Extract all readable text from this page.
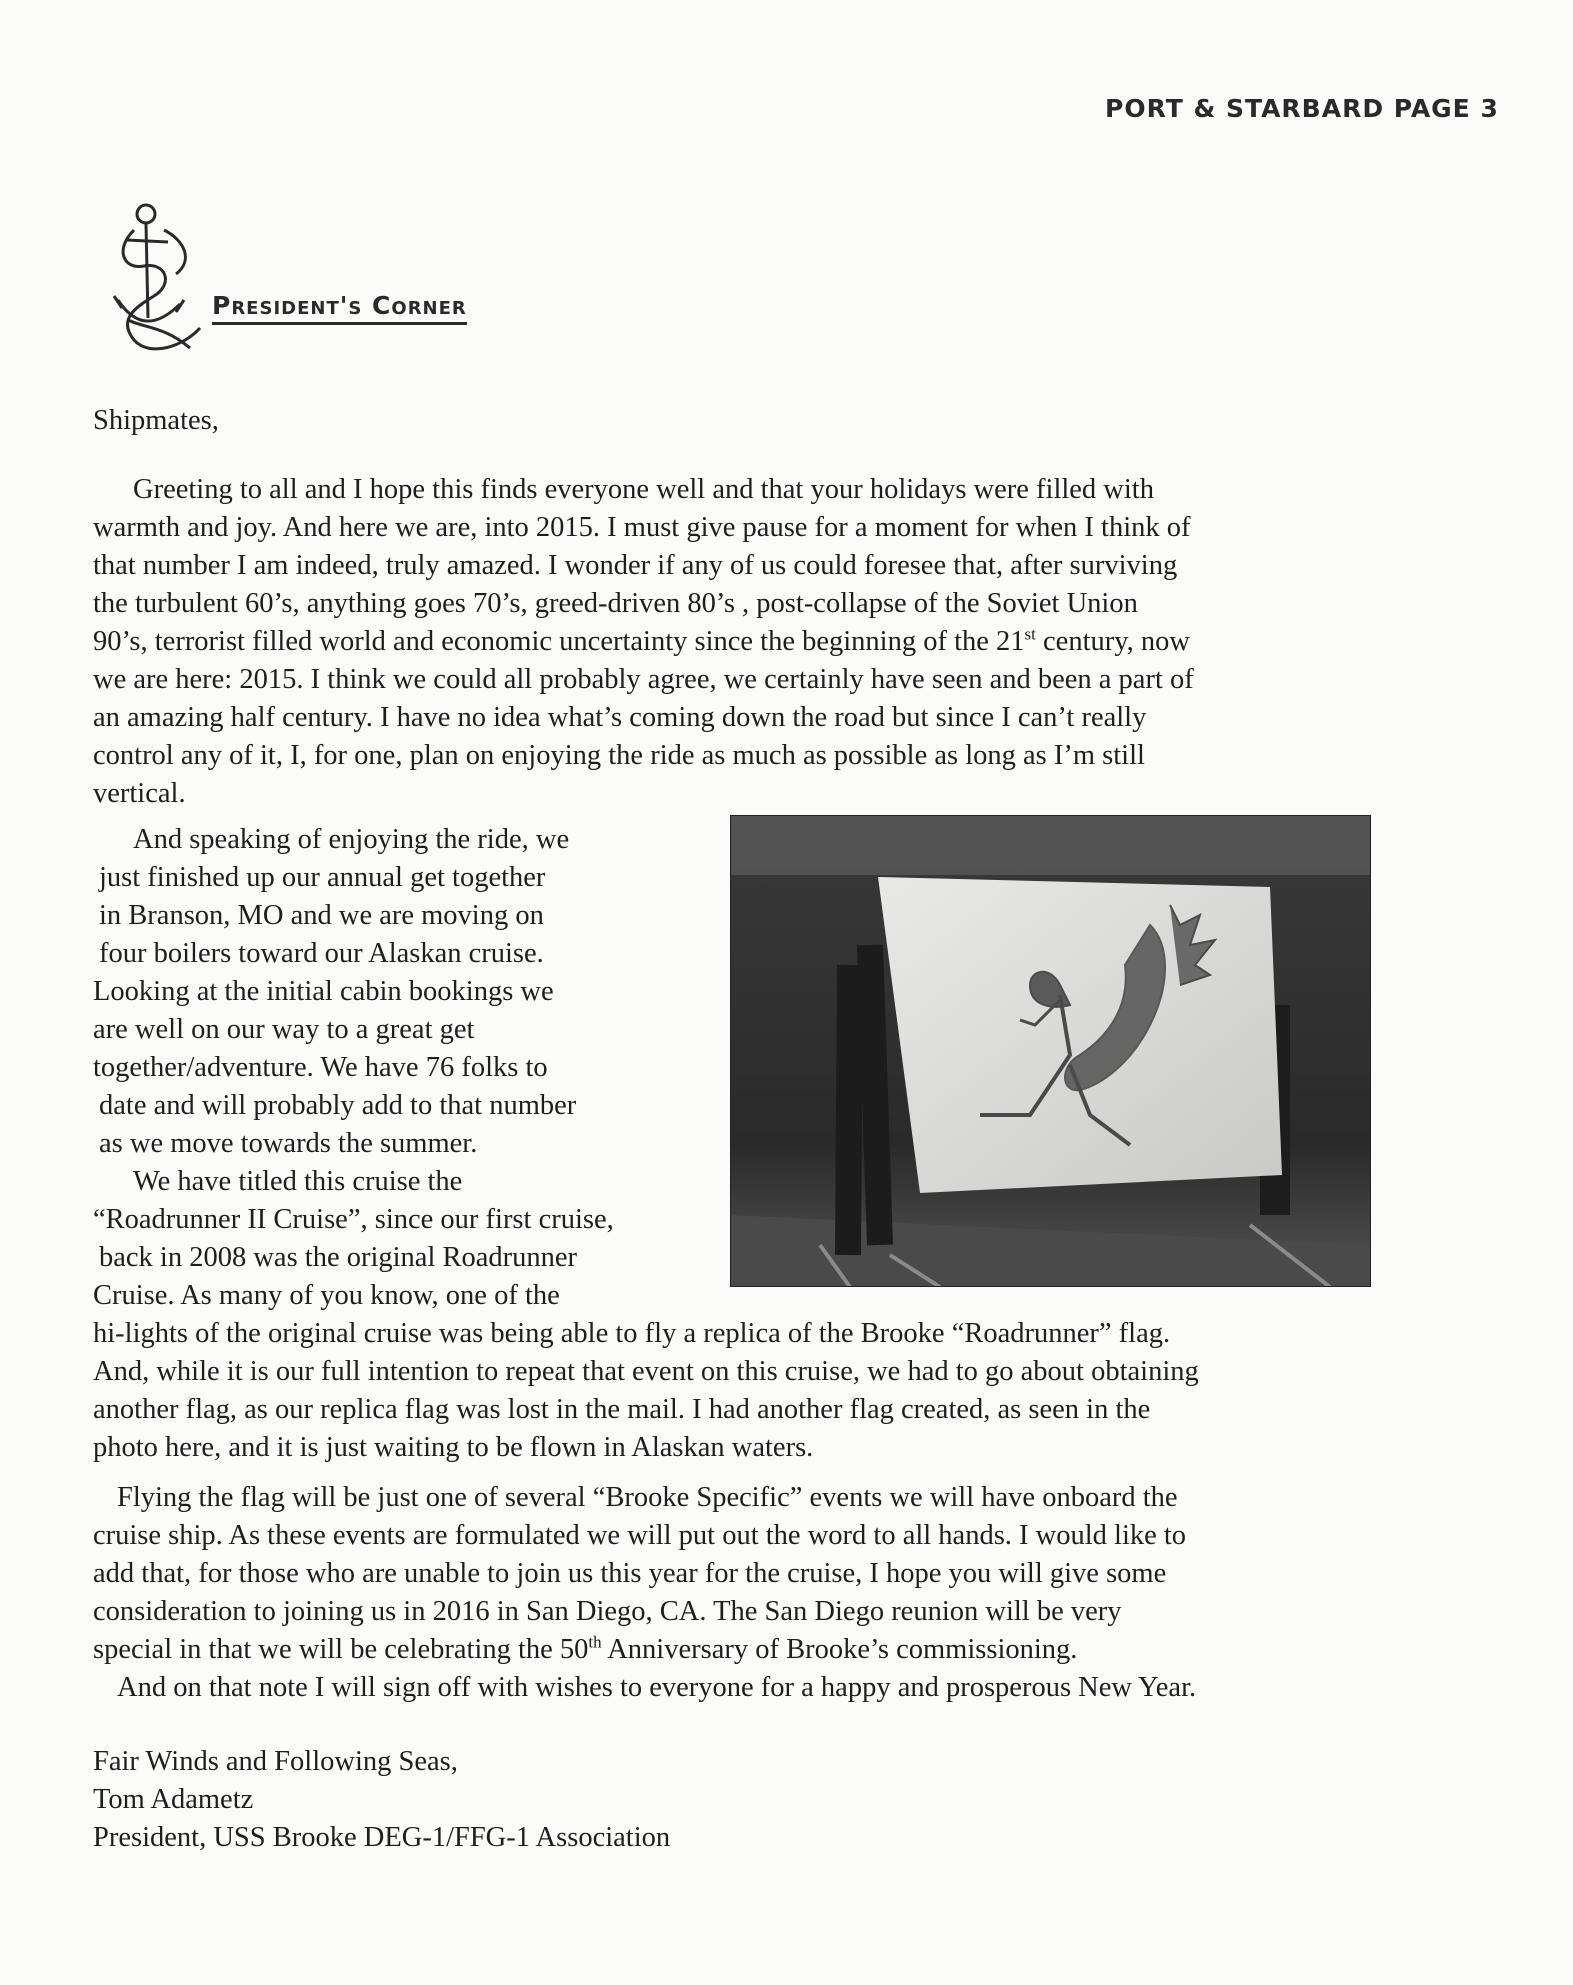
PORT & STARBARD PAGE 3
President's Corner
Shipmates,
Greeting to all and I hope this finds everyone well and that your holidays were filled with
warmth and joy. And here we are, into 2015. I must give pause for a moment for when I think of
that number I am indeed, truly amazed. I wonder if any of us could foresee that, after surviving
the turbulent 60’s, anything goes 70’s, greed-driven 80’s , post-collapse of the Soviet Union
90’s, terrorist filled world and economic uncertainty since the beginning of the 21st century, now
we are here: 2015. I think we could all probably agree, we certainly have seen and been a part of
an amazing half century. I have no idea what’s coming down the road but since I can’t really
control any of it, I, for one, plan on enjoying the ride as much as possible as long as I’m still
vertical.
And speaking of enjoying the ride, we
just finished up our annual get together
in Branson, MO and we are moving on
four boilers toward our Alaskan cruise.
Looking at the initial cabin bookings we
are well on our way to a great get
together/adventure. We have 76 folks to
date and will probably add to that number
as we move towards the summer.
We have titled this cruise the
“Roadrunner II Cruise”, since our first cruise,
back in 2008 was the original Roadrunner
Cruise. As many of you know, one of the
hi-lights of the original cruise was being able to fly a replica of the Brooke “Roadrunner” flag.
And, while it is our full intention to repeat that event on this cruise, we had to go about obtaining
another flag, as our replica flag was lost in the mail. I had another flag created, as seen in the
photo here, and it is just waiting to be flown in Alaskan waters.
Flying the flag will be just one of several “Brooke Specific” events we will have onboard the
cruise ship. As these events are formulated we will put out the word to all hands. I would like to
add that, for those who are unable to join us this year for the cruise, I hope you will give some
consideration to joining us in 2016 in San Diego, CA. The San Diego reunion will be very
special in that we will be celebrating the 50th Anniversary of Brooke’s commissioning.
And on that note I will sign off with wishes to everyone for a happy and prosperous New Year.
Fair Winds and Following Seas,
Tom Adametz
President, USS Brooke DEG-1/FFG-1 Association
